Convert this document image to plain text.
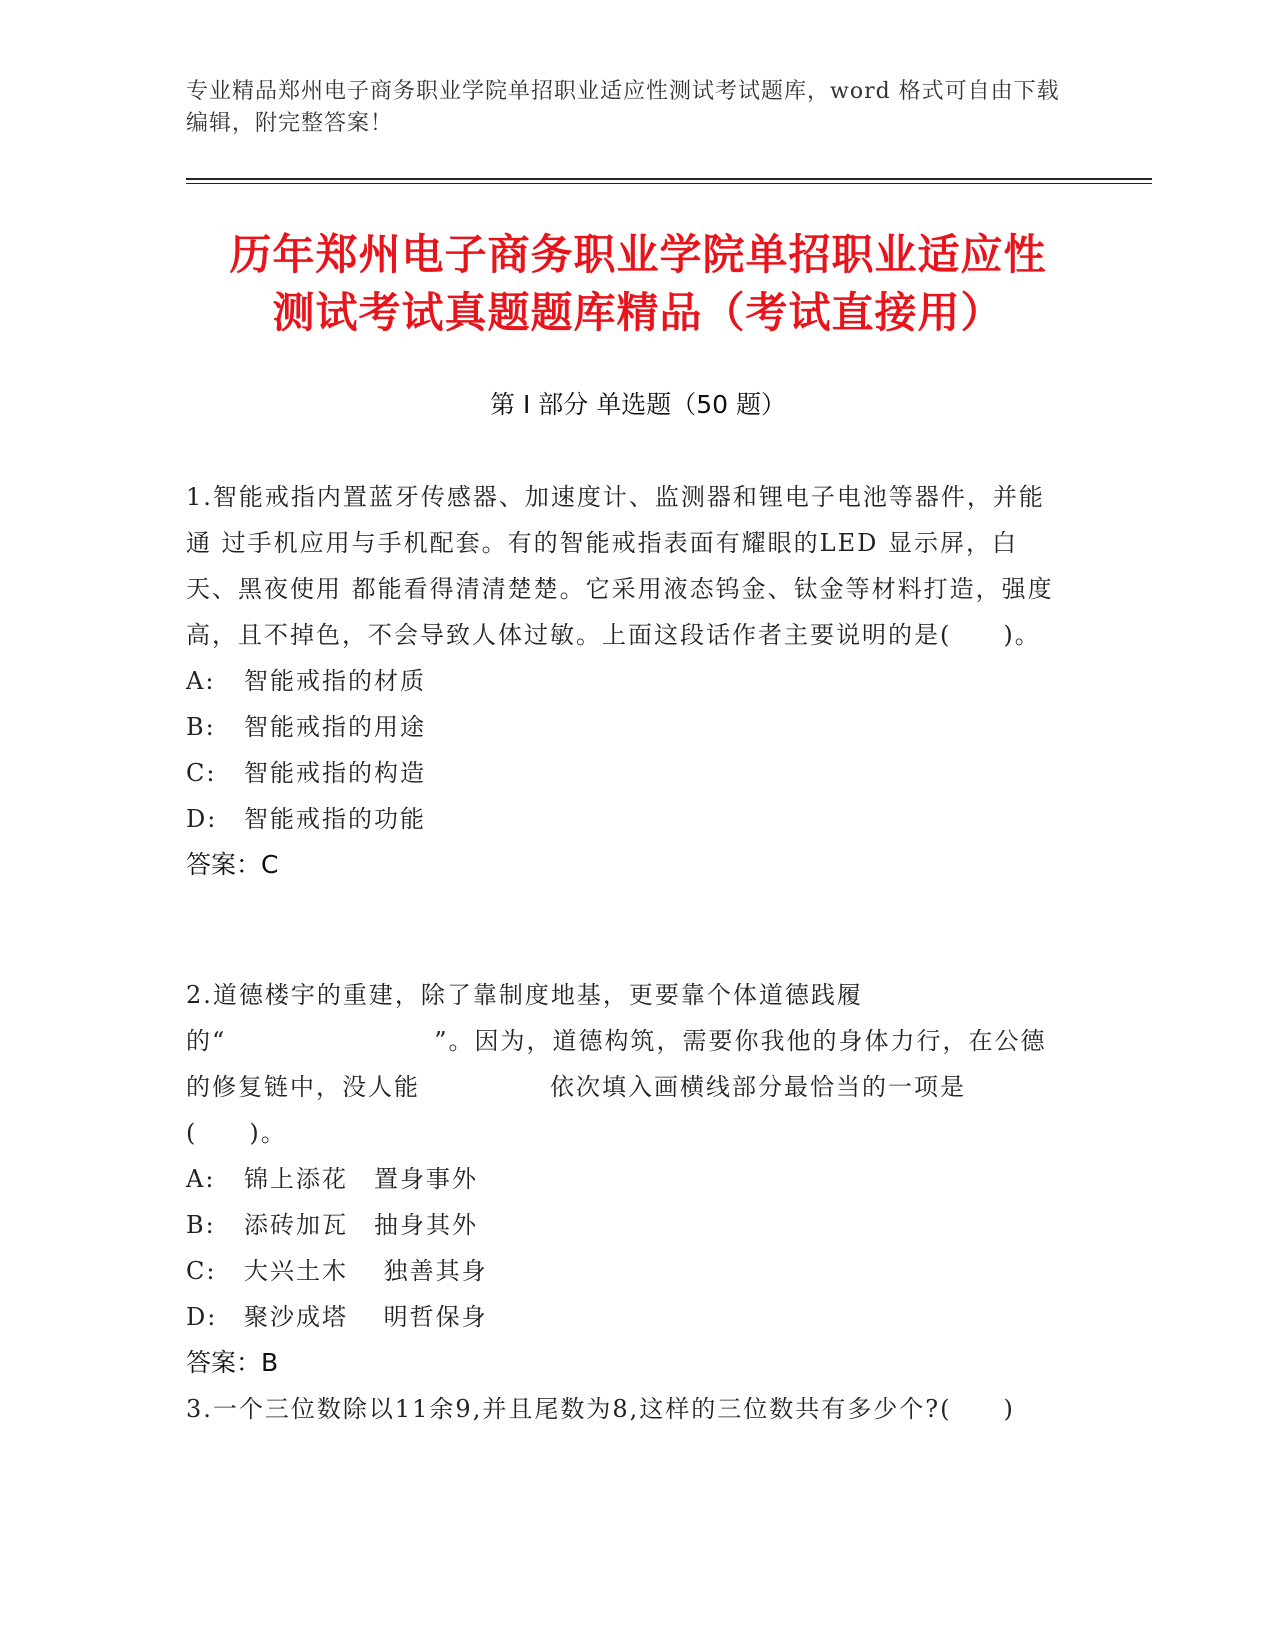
专业精品郑州电子商务职业学院单招职业适应性测试考试题库，word 格式可自由下载编辑，附完整答案！
历年郑州电子商务职业学院单招职业适应性
测试考试真题题库精品（考试直接用）
第 I 部分 单选题（50 题）

1.智能戒指内置蓝牙传感器、加速度计、监测器和锂电子电池等器件，并能通 过手机应用与手机配套。有的智能戒指表面有耀眼的LED 显示屏，白天、黑夜使用 都能看得清清楚楚。它采用液态钨金、钛金等材料打造，强度高，且不掉色，不会导致人体过敏。上面这段话作者主要说明的是(　　)。

A:	智能戒指的材质
B:	智能戒指的用途
C:	智能戒指的构造
D:	智能戒指的功能
答案：C

2.道德楼宇的重建，除了靠制度地基，更要靠个体道德践履的“　　　　　　　　”。因为，道德构筑，需要你我他的身体力行，在公德的修复链中，没人能　　　　　依次填入画横线部分最恰当的一项是(　　)。

A:	锦上添花　置身事外
B:	添砖加瓦　抽身其外
C:	大兴土木　 独善其身
D:	聚沙成塔　 明哲保身
答案：B

3.一个三位数除以11余9,并且尾数为8,这样的三位数共有多少个?(　　)
